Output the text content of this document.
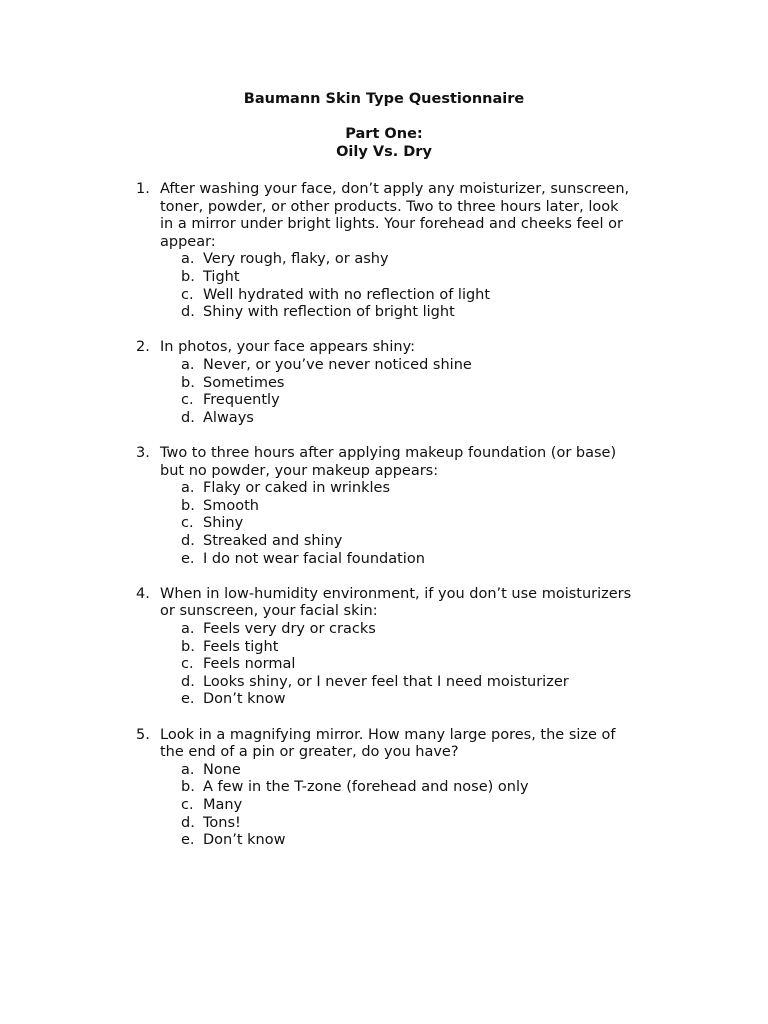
Baumann Skin Type Questionnaire

Part One:

Oily Vs. Dry

1. After washing your face, don’t apply any moisturizer, sunscreen,

toner, powder, or other products. Two to three hours later, look

in a mirror under bright lights. Your forehead and cheeks feel or

appear:

a. Very rough, flaky, or ashy

b. Tight

c. Well hydrated with no reflection of light

d. Shiny with reflection of bright light

2. In photos, your face appears shiny:

a. Never, or you’ve never noticed shine

b. Sometimes

c. Frequently

d. Always

3. Two to three hours after applying makeup foundation (or base)

but no powder, your makeup appears:

a. Flaky or caked in wrinkles

b. Smooth

c. Shiny

d. Streaked and shiny

e. I do not wear facial foundation

4. When in low-humidity environment, if you don’t use moisturizers

or sunscreen, your facial skin:

a. Feels very dry or cracks

b. Feels tight

c. Feels normal

d. Looks shiny, or I never feel that I need moisturizer

e. Don’t know

5. Look in a magnifying mirror. How many large pores, the size of

the end of a pin or greater, do you have?

a. None

b. A few in the T-zone (forehead and nose) only

c. Many

d. Tons!

e. Don’t know
